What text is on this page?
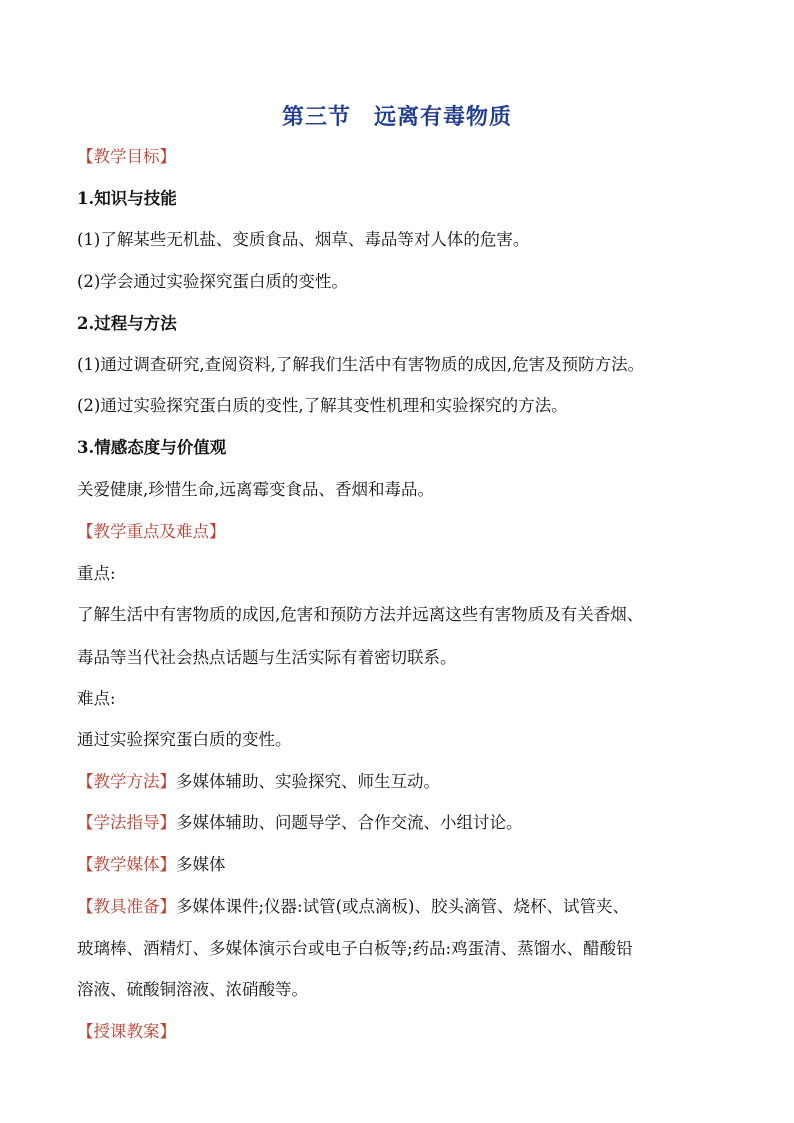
第三节　远离有毒物质

【教学目标】

1.知识与技能

(1)了解某些无机盐、变质食品、烟草、毒品等对人体的危害。

(2)学会通过实验探究蛋白质的变性。

2.过程与方法

(1)通过调查研究,查阅资料,了解我们生活中有害物质的成因,危害及预防方法。

(2)通过实验探究蛋白质的变性,了解其变性机理和实验探究的方法。

3.情感态度与价值观

关爱健康,珍惜生命,远离霉变食品、香烟和毒品。

【教学重点及难点】

重点:

了解生活中有害物质的成因,危害和预防方法并远离这些有害物质及有关香烟、

毒品等当代社会热点话题与生活实际有着密切联系。

难点:

通过实验探究蛋白质的变性。

【教学方法】多媒体辅助、实验探究、师生互动。

【学法指导】多媒体辅助、问题导学、合作交流、小组讨论。

【教学媒体】多媒体

【教具准备】多媒体课件;仪器:试管(或点滴板)、胶头滴管、烧杯、试管夹、

玻璃棒、酒精灯、多媒体演示台或电子白板等;药品:鸡蛋清、蒸馏水、醋酸铅

溶液、硫酸铜溶液、浓硝酸等。

【授课教案】
